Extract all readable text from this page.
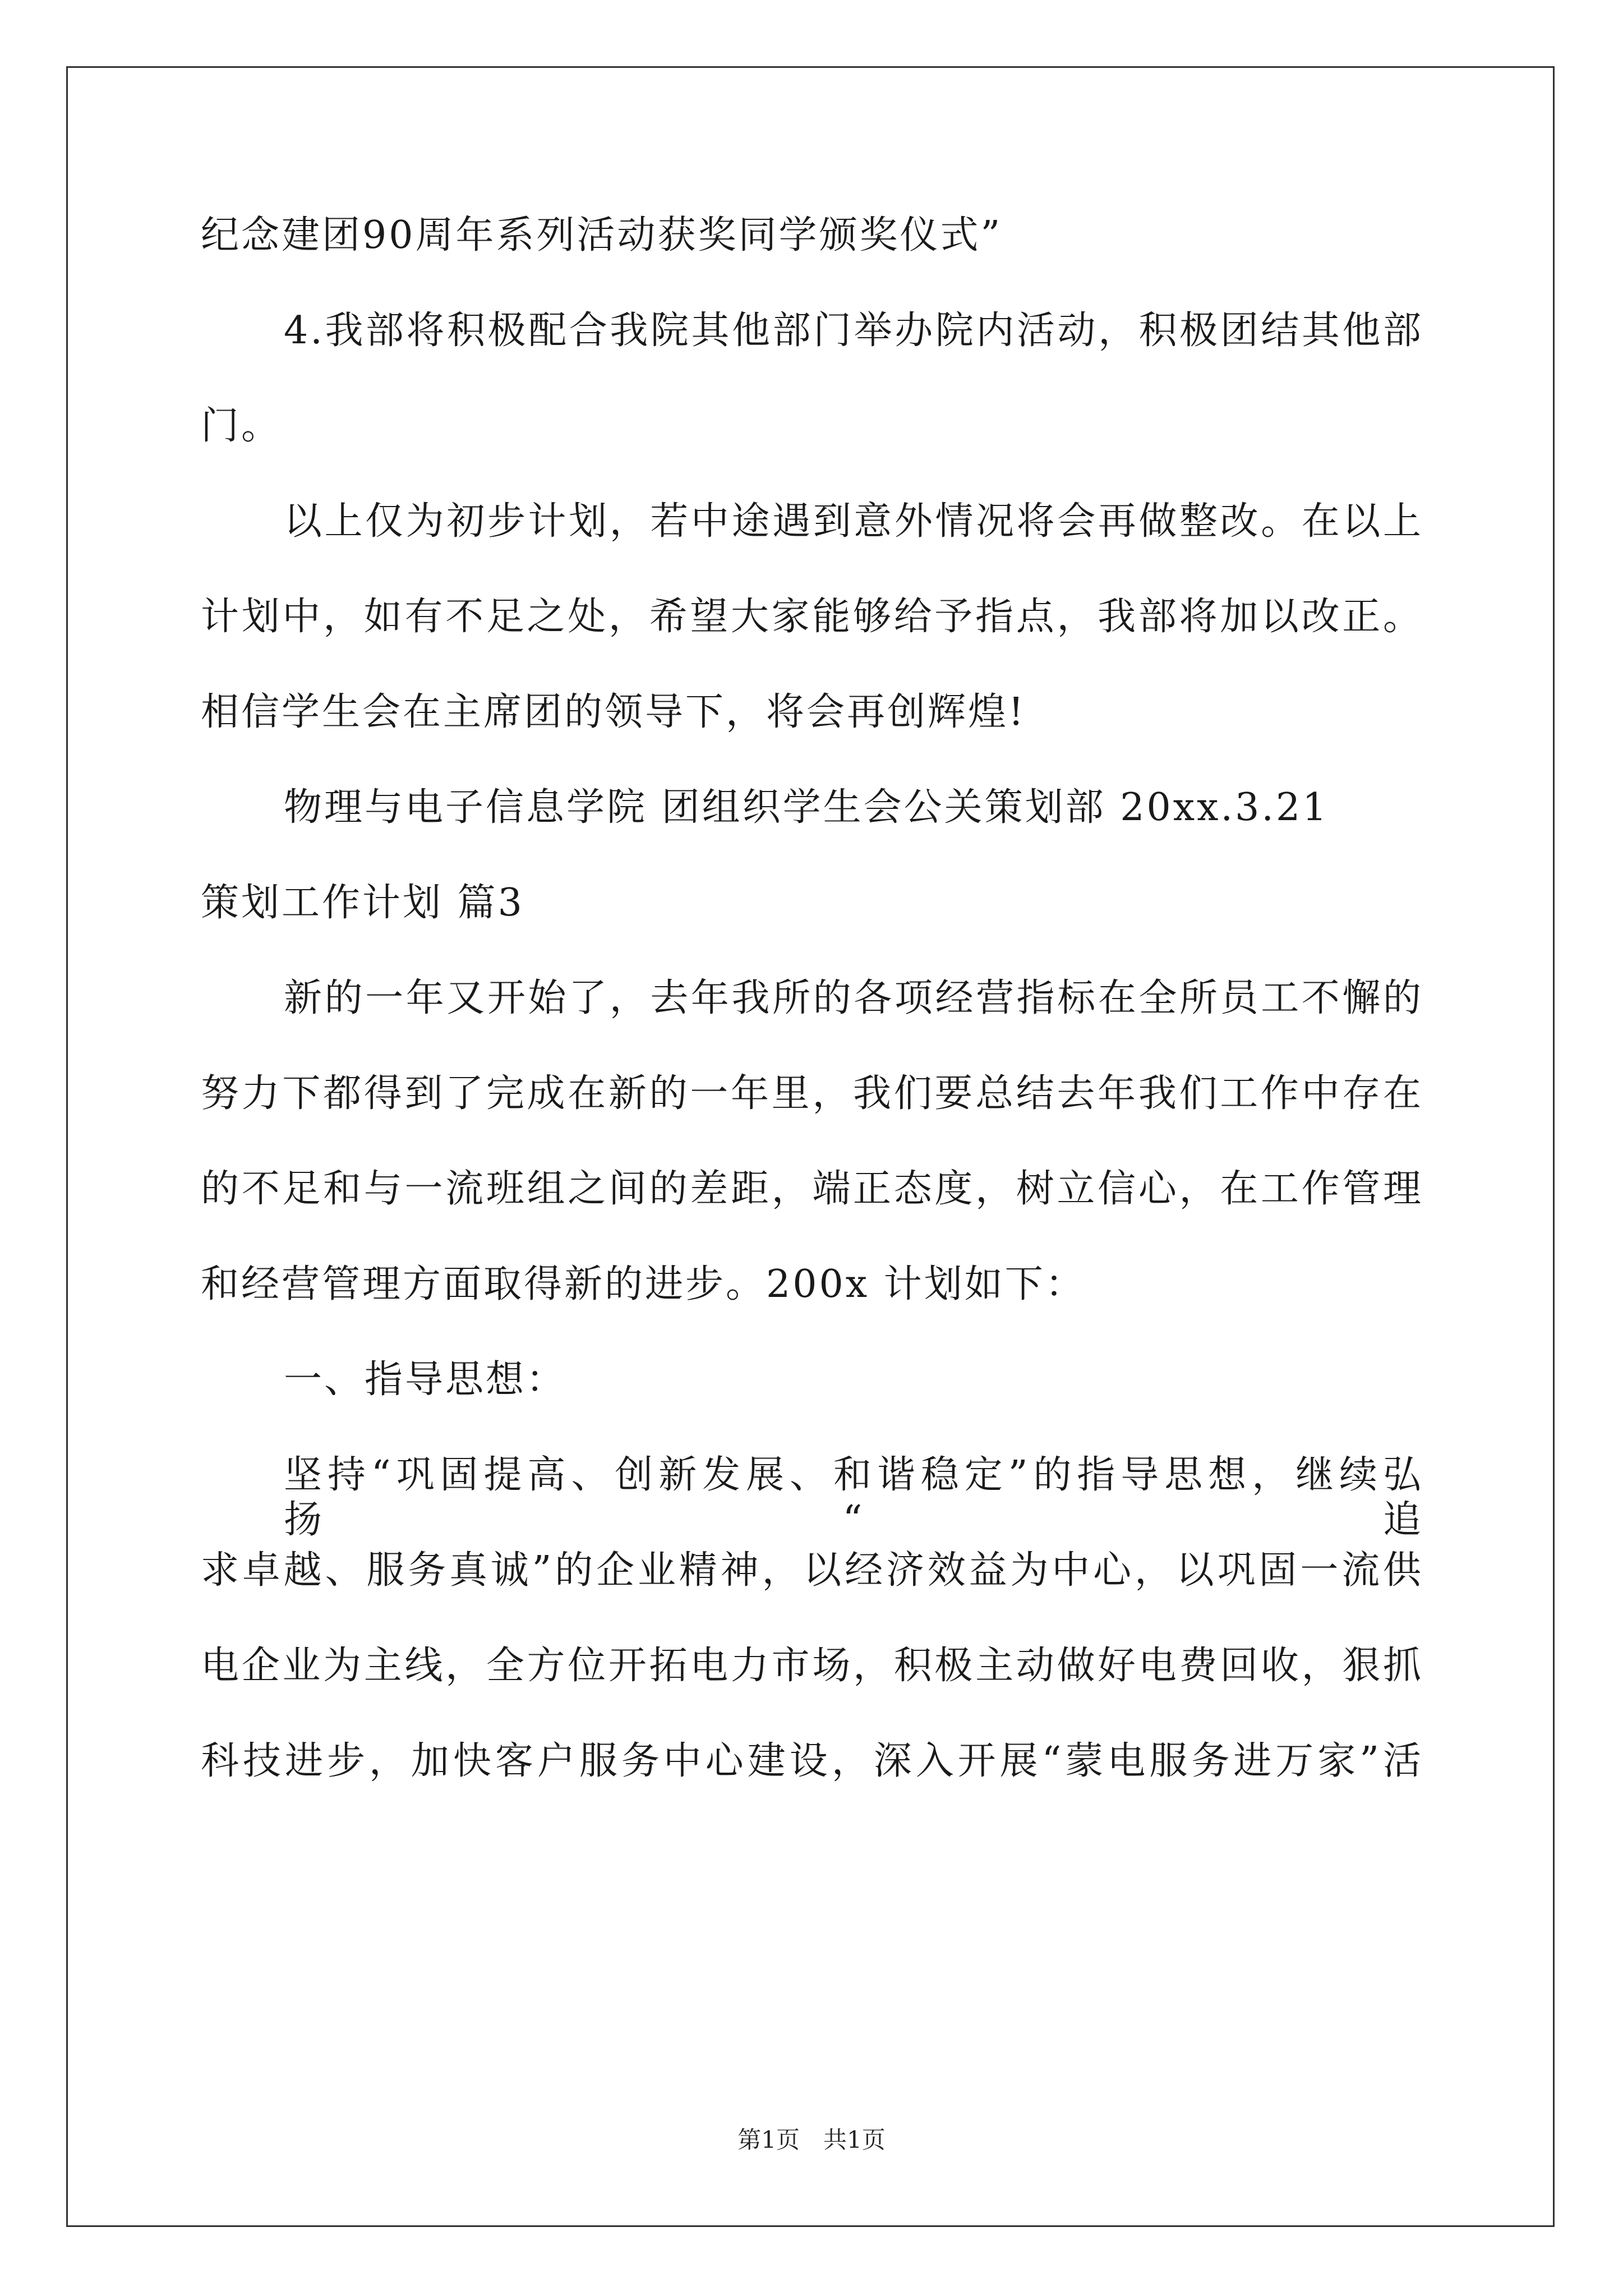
纪念建团90周年系列活动获奖同学颁奖仪式”
4.我部将积极配合我院其他部门举办院内活动，积极团结其他部
门。
以上仅为初步计划，若中途遇到意外情况将会再做整改。在以上
计划中，如有不足之处，希望大家能够给予指点，我部将加以改正。
相信学生会在主席团的领导下，将会再创辉煌!
物理与电子信息学院 团组织学生会公关策划部 20xx.3.21
策划工作计划 篇3
新的一年又开始了，去年我所的各项经营指标在全所员工不懈的
努力下都得到了完成在新的一年里，我们要总结去年我们工作中存在
的不足和与一流班组之间的差距，端正态度，树立信心，在工作管理
和经营管理方面取得新的进步。200x 计划如下：
一、指导思想：
坚持“巩固提高、创新发展、和谐稳定”的指导思想，继续弘扬“追
求卓越、服务真诚”的企业精神，以经济效益为中心，以巩固一流供
电企业为主线，全方位开拓电力市场，积极主动做好电费回收，狠抓
科技进步，加快客户服务中心建设，深入开展“蒙电服务进万家”活
第1页　共1页
